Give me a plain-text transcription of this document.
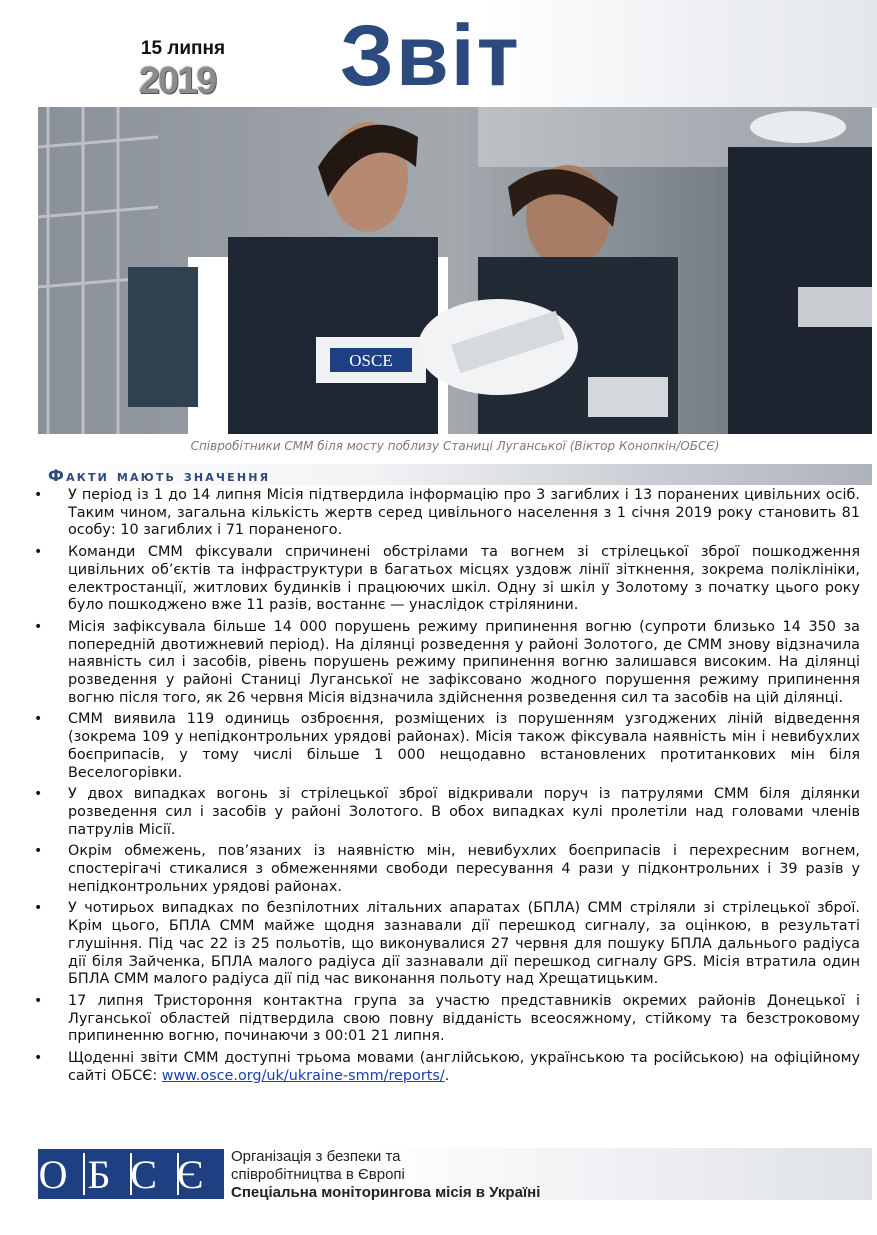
15 липня
2019 Звіт
OSCE
Співробітники СММ біля мосту поблизу Станиці Луганської (Віктор Конопкін/ОБСЄ)
Факти мають значення
• У період із 1 до 14 липня Місія підтвердила інформацію про 3 загиблих і 13 поранених цивільних осіб. Таким чином, загальна кількість жертв серед цивільного населення з 1 січня 2019 року становить 81 особу: 10 загиблих і 71 пораненого.
• Команди СММ фіксували спричинені обстрілами та вогнем зі стрілецької зброї пошкодження цивільних об’єктів та інфраструктури в багатьох місцях уздовж лінії зіткнення, зокрема поліклініки, електростанції, житлових будинків і працюючих шкіл. Одну зі шкіл у Золотому з початку цього року було пошкоджено вже 11 разів, востаннє — унаслідок стрілянини.
• Місія зафіксувала більше 14 000 порушень режиму припинення вогню (супроти близько 14 350 за попередній двотижневий період). На ділянці розведення у районі Золотого, де СММ знову відзначила наявність сил і засобів, рівень порушень режиму припинення вогню залишався високим. На ділянці розведення у районі Станиці Луганської не зафіксовано жодного порушення режиму припинення вогню після того, як 26 червня Місія відзначила здійснення розведення сил та засобів на цій ділянці.
• СММ виявила 119 одиниць озброєння, розміщених із порушенням узгоджених ліній відведення (зокрема 109 у непідконтрольних урядові районах). Місія також фіксувала наявність мін і невибухлих боєприпасів, у тому числі більше 1 000 нещодавно встановлених протитанкових мін біля Веселогорівки.
• У двох випадках вогонь зі стрілецької зброї відкривали поруч із патрулями СММ біля ділянки розведення сил і засобів у районі Золотого. В обох випадках кулі пролетіли над головами членів патрулів Місії.
• Окрім обмежень, пов’язаних із наявністю мін, невибухлих боєприпасів і перехресним вогнем, спостерігачі стикалися з обмеженнями свободи пересування 4 рази у підконтрольних і 39 разів у непідконтрольних урядові районах.
• У чотирьох випадках по безпілотних літальних апаратах (БПЛА) СММ стріляли зі стрілецької зброї. Крім цього, БПЛА СММ майже щодня зазнавали дії перешкод сигналу, за оцінкою, в результаті глушіння. Під час 22 із 25 польотів, що виконувалися 27 червня для пошуку БПЛА дальнього радіуса дії біля Зайченка, БПЛА малого радіуса дії зазнавали дії перешкод сигналу GPS. Місія втратила один БПЛА СММ малого радіуса дії під час виконання польоту над Хрещатицьким.
• 17 липня Тристороння контактна група за участю представників окремих районів Донецької і Луганської областей підтвердила свою повну відданість всеосяжному, стійкому та безстроковому припиненню вогню, починаючи з 00:01 21 липня.
• Щоденні звіти СММ доступні трьома мовами (англійською, українською та російською) на офіційному сайті ОБСЄ: www.osce.org/uk/ukraine-smm/reports/.
ОБСЄ Організація з безпеки та
співробітництва в Європі
Спеціальна моніторингова місія в Україні
